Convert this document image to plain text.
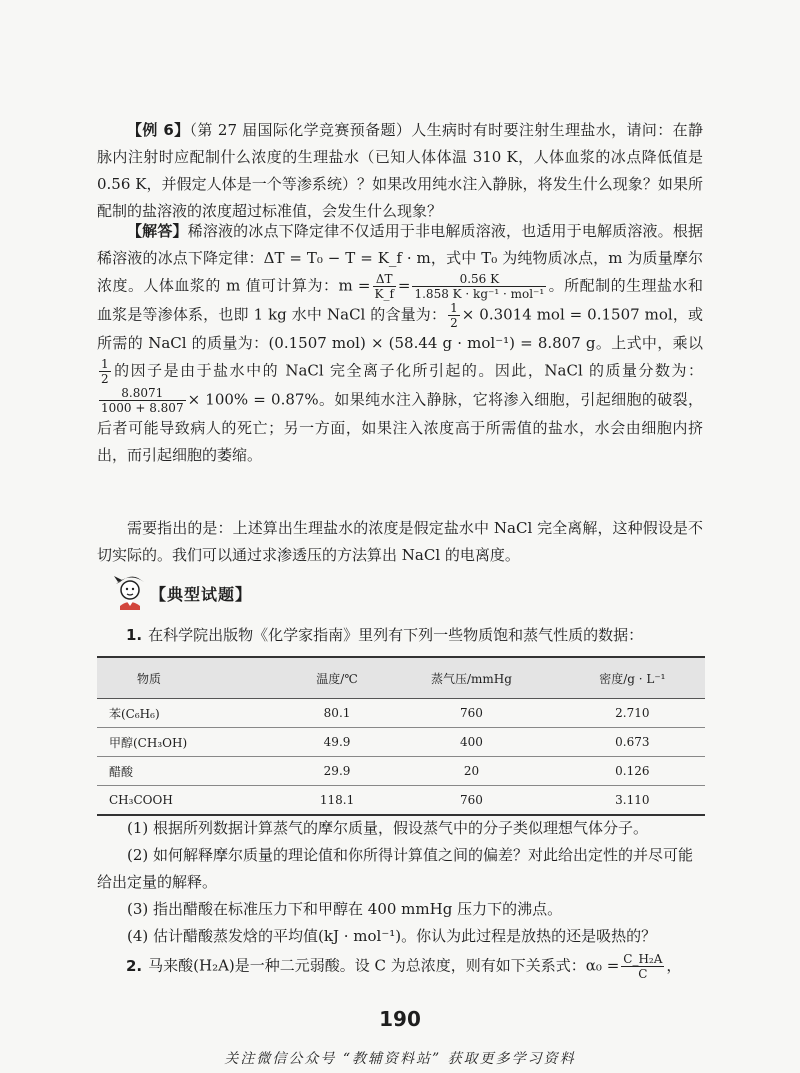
【例 6】（第 27 届国际化学竞赛预备题）人生病时有时要注射生理盐水，请问：在静脉内注射时应配制什么浓度的生理盐水（已知人体体温 310 K，人体血浆的冰点降低值是 0.56 K，并假定人体是一个等渗系统）？如果改用纯水注入静脉，将发生什么现象？如果所配制的盐溶液的浓度超过标准值，会发生什么现象？

【解答】稀溶液的冰点下降定律不仅适用于非电解质溶液，也适用于电解质溶液。根据稀溶液的冰点下降定律：ΔT = T₀ − T = K_f · m，式中 T₀ 为纯物质冰点，m 为质量摩尔浓度。人体血浆的 m 值可计算为：$m = \frac{\Delta T}{K\_f} = \frac{0.56 K}{\text{1.858 K · kg⁻¹ · mol⁻¹}}$ 。所配制的生理盐水和血浆是等渗体系，也即 1 kg 水中 NaCl 的含量为： $\frac{1}{2} \times 0.3014$ mol = 0.1507 mol，或所需的 NaCl 的质量为：(0.1507 mol) × (58.44 g · mol⁻¹) = 8.807 g。上式中，乘以
$\frac{1}{2}$ 的因子是由于盐水中的 NaCl 完全离子化所引起的。因此，NaCl 的质量分数为：
$\frac{8.8071}{1000 + 8.807} \times 100\% = 0.87\%$。如果纯水注入静脉，它将渗入细胞，引起细胞的破裂，后者可能导致病人的死亡；另一方面，如果注入浓度高于所需值的盐水，水会由细胞内挤出，而引起细胞的萎缩。

需要指出的是：上述算出生理盐水的浓度是假定盐水中 NaCl 完全离解，这种假设是不切实际的。我们可以通过求渗透压的方法算出 NaCl 的电离度。

【典型试题】
1. 在科学院出版物《化学家指南》里列有下列一些物质饱和蒸气性质的数据：
物质	温度/℃	蒸气压/mmHg	密度/g · L⁻¹
苯(C₆H₆)	80.1	760	2.710
甲醇(CH₃OH)	49.9	400	0.673
醋酸	29.9	20	0.126
CH₃COOH	118.1	760	3.110

(1) 根据所列数据计算蒸气的摩尔质量，假设蒸气中的分子类似理想气体分子。

(2) 如何解释摩尔质量的理论值和你所得计算值之间的偏差？对此给出定性的并尽可能给出定量的解释。

(3) 指出醋酸在标准压力下和甲醇在 400 mmHg 压力下的沸点。

(4) 估计醋酸蒸发焓的平均值(kJ · mol⁻¹)。你认为此过程是放热的还是吸热的？

2. 马来酸(H₂A)是一种二元弱酸。设 C 为总浓度，则有如下关系式：$\alpha_0 = \frac{\text{C\_H₂A}}{C}$ ，
190
关注微信公众号 “教辅资料站” 获取更多学习资料
